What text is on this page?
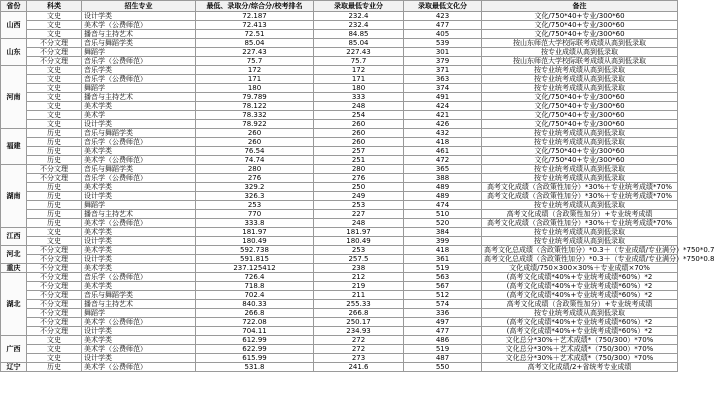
省份	科类	招生专业	最低、录取分/综合分/校考排名	录取最低专业分	录取最低文化分	备注
山西	文史	设计学类	72.187	232.4	423	文化/750*40+专业/300*60
	文史	美术学（公费师范）	72.413	232.4	477	文化/750*40+专业/300*60
	文史	播音与主持艺术	72.51	84.85	405	文化/750*40+专业/300*60
山东	不分文理	音乐与舞蹈学类	85.04	85.04	539	按山东师范大学校际联考成绩从高到低录取
	不分文理	舞蹈学	227.43	227.43	301	按专业成绩从高到低录取
	不分文理	音乐学（公费师范）	75.7	75.7	379	按山东师范大学校际联考成绩从高到低录取
河南	文史	音乐学类	172	172	371	按专业统考成绩从高到低录取
	文史	音乐学（公费师范）	171	171	363	按专业统考成绩从高到低录取
	文史	舞蹈学	180	180	374	按专业统考成绩从高到低录取
	文史	播音与主持艺术	79.789	333	491	文化/750*40+专业/300*60
	文史	美术学类	78.122	248	424	文化/750*40+专业/300*60
	文史	美术学	78.332	254	421	文化/750*40+专业/300*60
	文史	设计学类	78.922	260	426	文化/750*40+专业/300*60
福建	历史	音乐与舞蹈学类	260	260	432	按专业统考成绩从高到低录取
	历史	音乐学（公费师范）	260	260	418	按专业统考成绩从高到低录取
	历史	美术学类	76.54	257	461	文化/750*40+专业/300*60
	历史	美术学（公费师范）	74.74	251	472	文化/750*40+专业/300*60
湖南	不分文理	音乐与舞蹈学类	280	280	365	按专业统考成绩从高到低录取
	不分文理	音乐学（公费师范）	276	276	388	按专业统考成绩从高到低录取
	历史	美术学类	329.2	250	489	高考文化成绩（含政策性加分）*30%＋专业统考成绩*70%
	历史	设计学类	326.3	249	489	高考文化成绩（含政策性加分）*30%＋专业统考成绩*70%
	历史	舞蹈学	253	253	474	按专业统考成绩从高到低录取
	历史	播音与主持艺术	770	227	510	高考文化成绩（含政策性加分）+专业统考成绩
	历史	美术学（公费师范）	333.8	248	520	高考文化成绩（含政策性加分）*30%＋专业统考成绩*70%
江西	文史	美术学类	181.97	181.97	384	按专业统考成绩从高到低录取
	文史	设计学类	180.49	180.49	399	按专业统考成绩从高到低录取
河北	不分文理	美术学类	592.738	253	418	高考文化总成绩（含政策性加分）*0.3＋（专业成绩/专业满分）*750*0.7
	不分文理	设计学类	591.815	257.5	361	高考文化总成绩（含政策性加分）*0.3＋（专业成绩/专业满分）*750*0.8
重庆	不分文理	美术学类	237.125412	238	519	文化成绩/750×300×30%＋专业成绩×70%
湖北	不分文理	音乐学（公费师范）	726.4	212	563	(高考文化成绩*40%+专业统考成绩*60%）*2
	不分文理	美术学类	718.8	219	567	(高考文化成绩*40%+专业统考成绩*60%）*2
	不分文理	音乐与舞蹈学类	702.4	211	512	(高考文化成绩*40%+专业统考成绩*60%）*2
	不分文理	播音与主持艺术	840.33	255.33	574	高考文化成绩（含政策性加分）+专业统考成绩
	不分文理	舞蹈学	266.8	266.8	336	按专业统考成绩从高到低录取
	不分文理	美术学（公费师范）	722.08	250.17	497	(高考文化成绩*40%+专业统考成绩*60%）*2
	不分文理	设计学类	704.11	234.93	477	(高考文化成绩*40%+专业统考成绩*60%）*2
广西	文史	美术学类	612.99	272	486	文化总分*30%＋艺术成绩*（750/300）*70%
	文史	美术学（公费师范）	622.99	272	519	文化总分*30%＋艺术成绩*（750/300）*70%
	文史	设计学类	615.99	273	487	文化总分*30%＋艺术成绩*（750/300）*70%
辽宁	历史	美术学（公费师范）	531.8	241.6	550	高考文化成绩/2+省统考专业成绩
